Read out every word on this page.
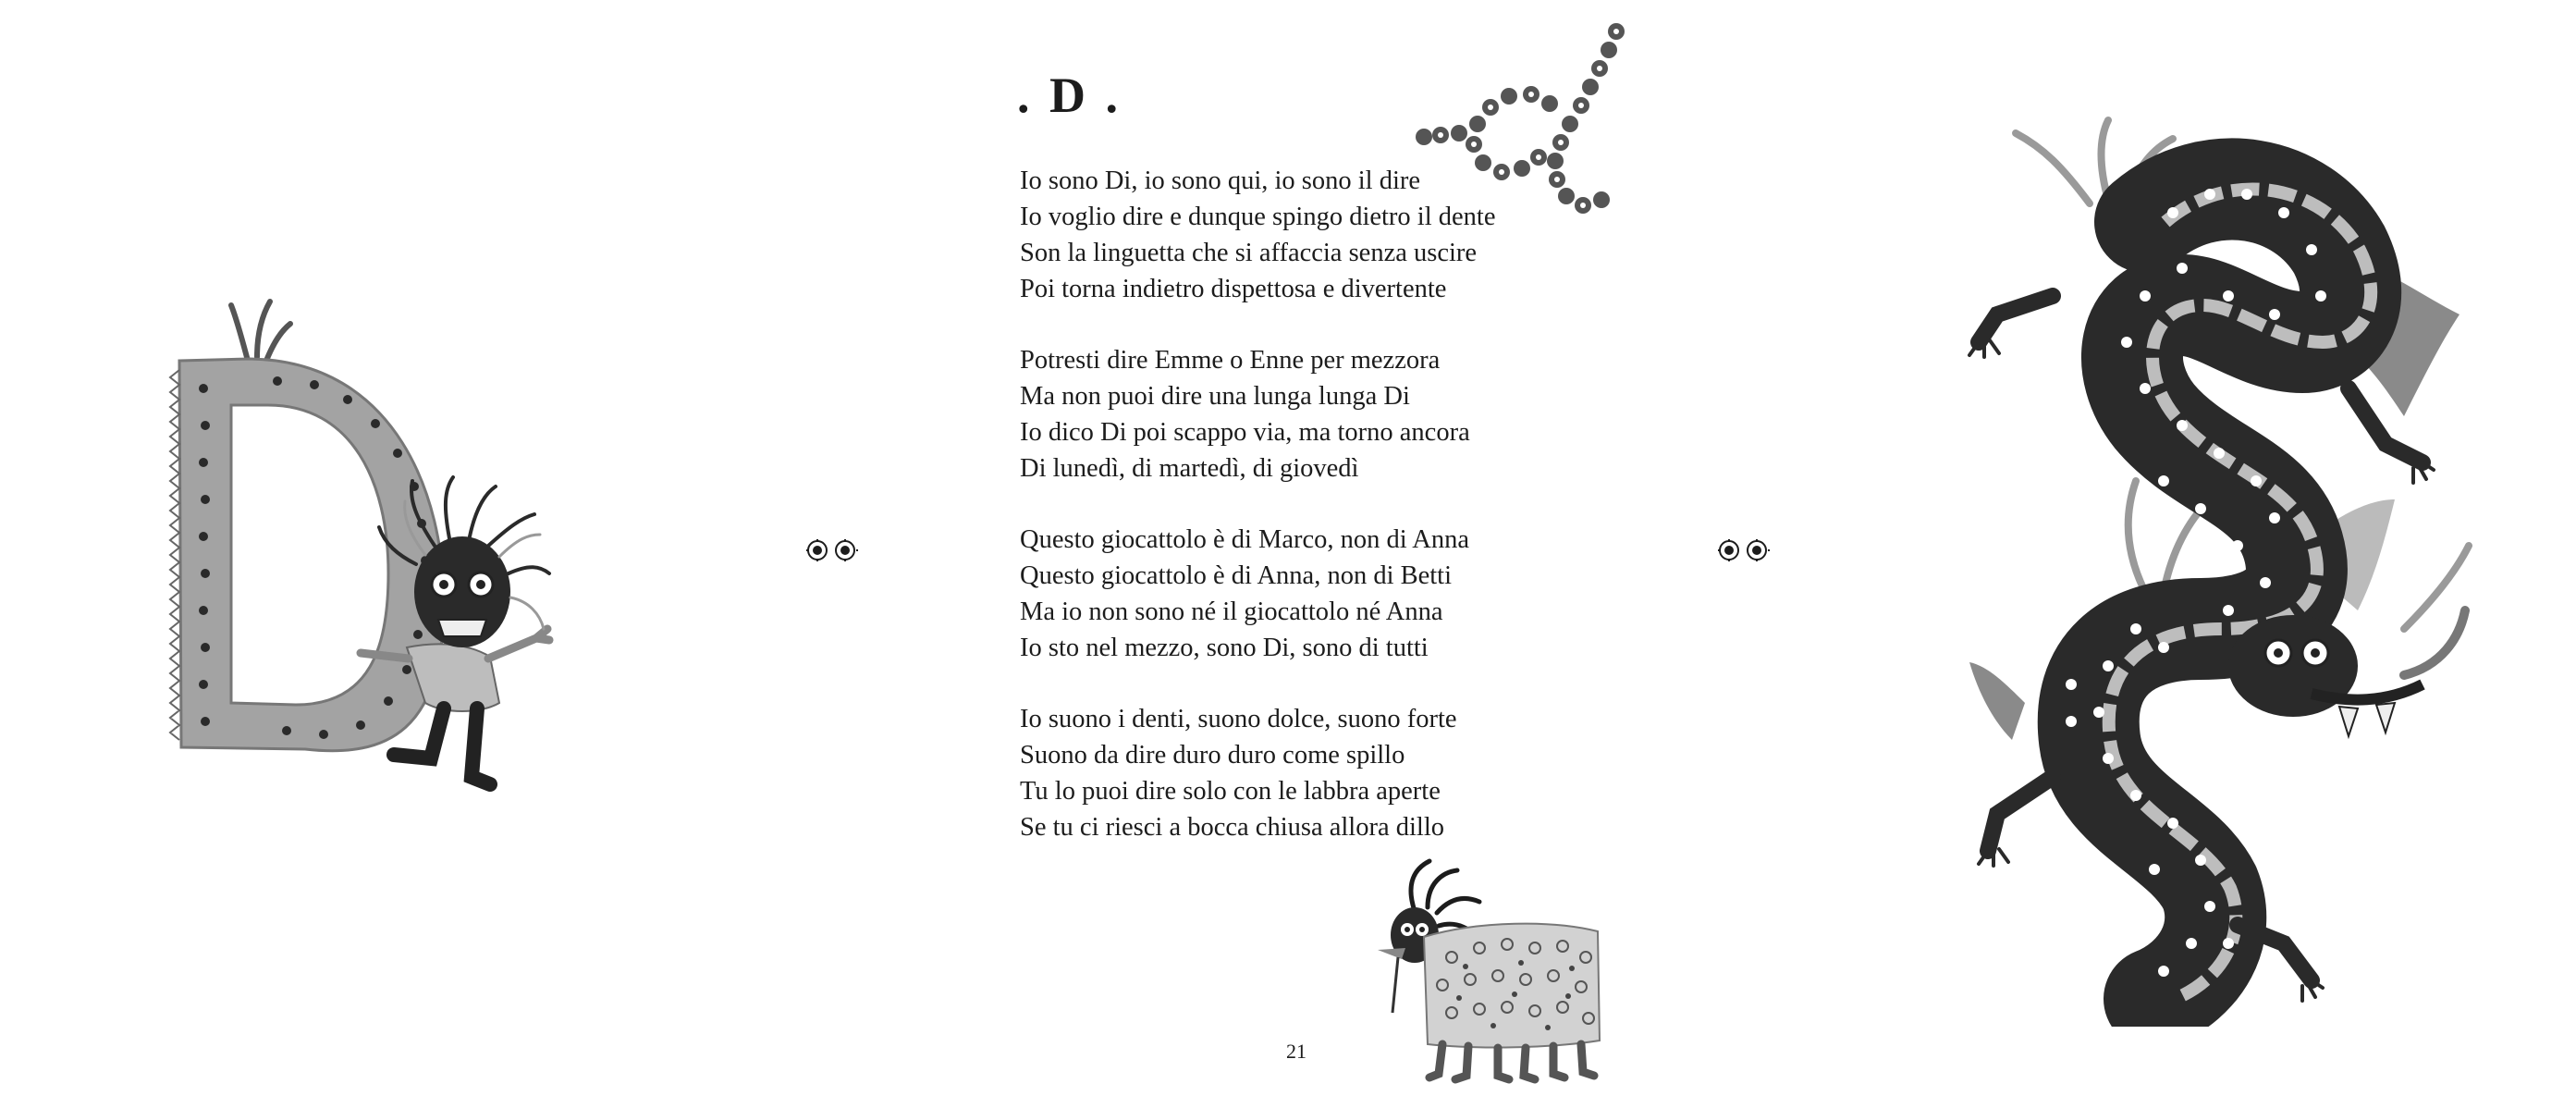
. D .
Io sono Di, io sono qui, io sono il dire
Io voglio dire e dunque spingo dietro il dente
Son la linguetta che si affaccia senza uscire
Poi torna indietro dispettosa e divertente
Potresti dire Emme o Enne per mezzora
Ma non puoi dire una lunga lunga Di
Io dico Di poi scappo via, ma torno ancora
Di lunedì, di martedì, di giovedì
Questo giocattolo è di Marco, non di Anna
Questo giocattolo è di Anna, non di Betti
Ma io non sono né il giocattolo né Anna
Io sto nel mezzo, sono Di, sono di tutti
Io suono i denti, suono dolce, suono forte
Suono da dire duro duro come spillo
Tu lo puoi dire solo con le labbra aperte
Se tu ci riesci a bocca chiusa allora dillo
21
